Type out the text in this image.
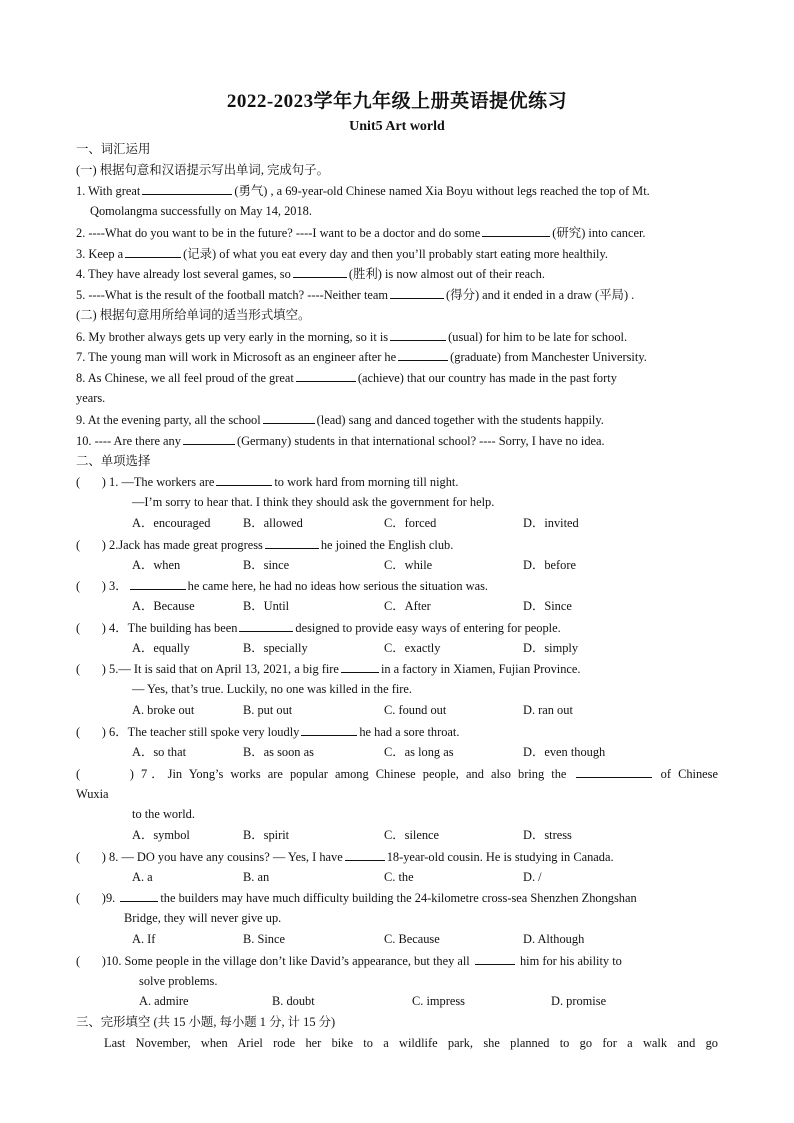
2022-2023学年九年级上册英语提优练习
Unit5 Art world
一、词汇运用
(一) 根据句意和汉语提示写出单词, 完成句子。
1. With great	(勇气) , a 69-year-old Chinese named Xia Boyu without legs reached the top of Mt.
Qomolangma successfully on May 14, 2018.
2. ----What do you want to be in the future? ----I want to be a doctor and do some	(研究) into cancer.
3. Keep a	(记录) of what you eat every day and then you’ll probably start eating more healthily.
4. They have already lost several games, so	(胜利) is now almost out of their reach.
5. ----What is the result of the football match? ----Neither team	(得分) and it ended in a draw (平局) .
(二) 根据句意用所给单词的适当形式填空。
6. My brother always gets up very early in the morning, so it is	(usual) for him to be late for school.
7. The young man will work in Microsoft as an engineer after he	(graduate) from Manchester University.
8. As Chinese, we all feel proud of the great	(achieve) that our country has made in the past forty
years.
9. At the evening party, all the school	(lead) sang and danced together with the students happily.
10. ---- Are there any	(Germany) students in that international school? ---- Sorry, I have no idea.
二、单项选择
(       ) 1. —The workers are	to work hard from morning till night.
—I’m sorry to hear that. I think they should ask the government for help.
A．encouraged	B．allowed	C．forced	D．invited
(       ) 2.Jack has made great progress	he joined the English club.
A．when	B．since	C．while	D．before
(       ) 3．	he came here, he had no ideas how serious the situation was.
A．Because	B．Until	C．After	D．Since
(       ) 4．The building has been	designed to provide easy ways of entering for people.
A．equally	B．specially	C．exactly	D．simply
(       ) 5.— It is said that on April 13, 2021, a big fire	in a factory in Xiamen, Fujian Province.
— Yes, that’s true. Luckily, no one was killed in the fire.
A. broke out	B. put out	C. found out	D. ran out
(       ) 6．The teacher still spoke very loudly	he had a sore throat.
A．so that	B．as soon as	C．as long as	D．even though
(       ) 7．Jin Yong’s works are popular among Chinese people, and also bring the	of Chinese
Wuxia
to the world.
A．symbol	B．spirit	C．silence	D．stress
(       ) 8. — DO you have any cousins? — Yes, I have	18-year-old cousin. He is studying in Canada.
A. a	B. an	C. the	D. /
(       )9.	the builders may have much difficulty building the 24-kilometre cross-sea Shenzhen Zhongshan
Bridge, they will never give up.
A. If	B. Since	C. Because	D. Although
(       )10. Some people in the village don’t like David’s appearance, but they all	him for his ability to
solve problems.
A. admire	B. doubt	C. impress	D. promise
三、完形填空 (共 15 小题, 每小题 1 分, 计 15 分)
Last November, when Ariel rode her bike to a wildlife park, she planned to go for a walk and go
